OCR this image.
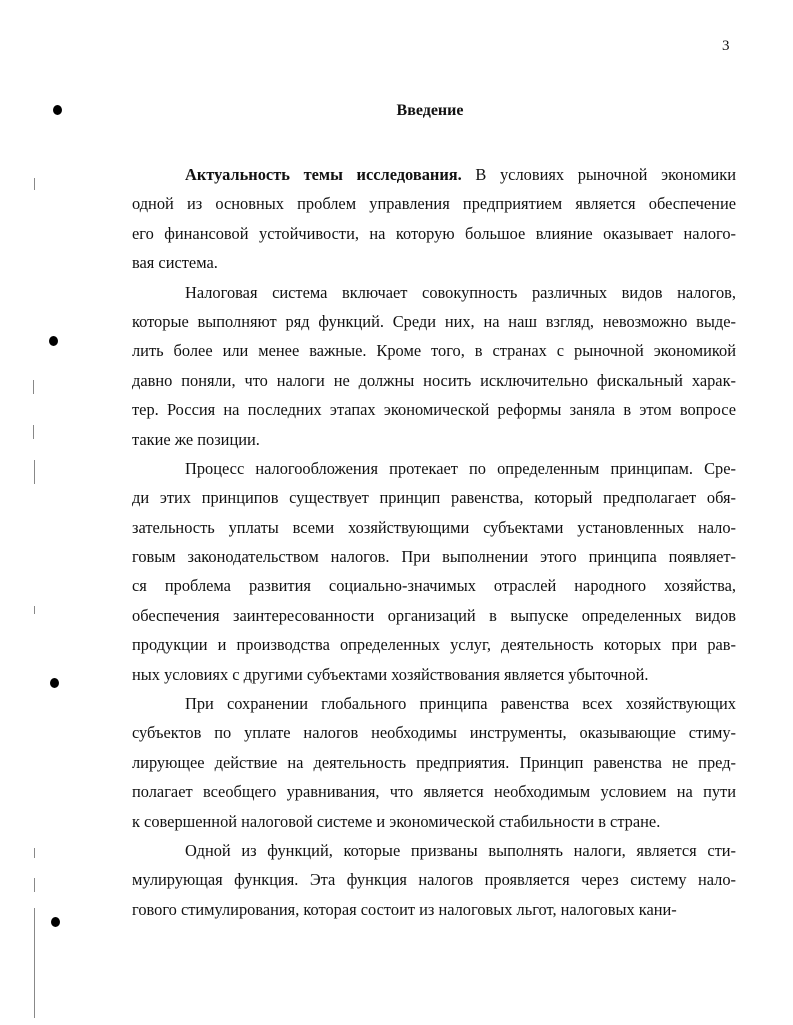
3
Введение
Актуальность темы исследования. В условиях рыночной экономики
одной из основных проблем управления предприятием является обеспечение
его финансовой устойчивости, на которую большое влияние оказывает налого-
вая система.
Налоговая система включает совокупность различных видов налогов,
которые выполняют ряд функций. Среди них, на наш взгляд, невозможно выде-
лить более или менее важные. Кроме того, в странах с рыночной экономикой
давно поняли, что налоги не должны носить исключительно фискальный харак-
тер. Россия на последних этапах экономической реформы заняла в этом вопросе
такие же позиции.
Процесс налогообложения протекает по определенным принципам. Сре-
ди этих принципов существует принцип равенства, который предполагает обя-
зательность уплаты всеми хозяйствующими субъектами установленных нало-
говым законодательством налогов. При выполнении этого принципа появляет-
ся проблема развития социально-значимых отраслей народного хозяйства,
обеспечения заинтересованности организаций в выпуске определенных видов
продукции и производства определенных услуг, деятельность которых при рав-
ных условиях с другими субъектами хозяйствования является убыточной.
При сохранении глобального принципа равенства всех хозяйствующих
субъектов по уплате налогов необходимы инструменты, оказывающие стиму-
лирующее действие на деятельность предприятия. Принцип равенства не пред-
полагает всеобщего уравнивания, что является необходимым условием на пути
к совершенной налоговой системе и экономической стабильности в стране.
Одной из функций, которые призваны выполнять налоги, является сти-
мулирующая функция. Эта функция налогов проявляется через систему нало-
гового стимулирования, которая состоит из налоговых льгот, налоговых кани-
